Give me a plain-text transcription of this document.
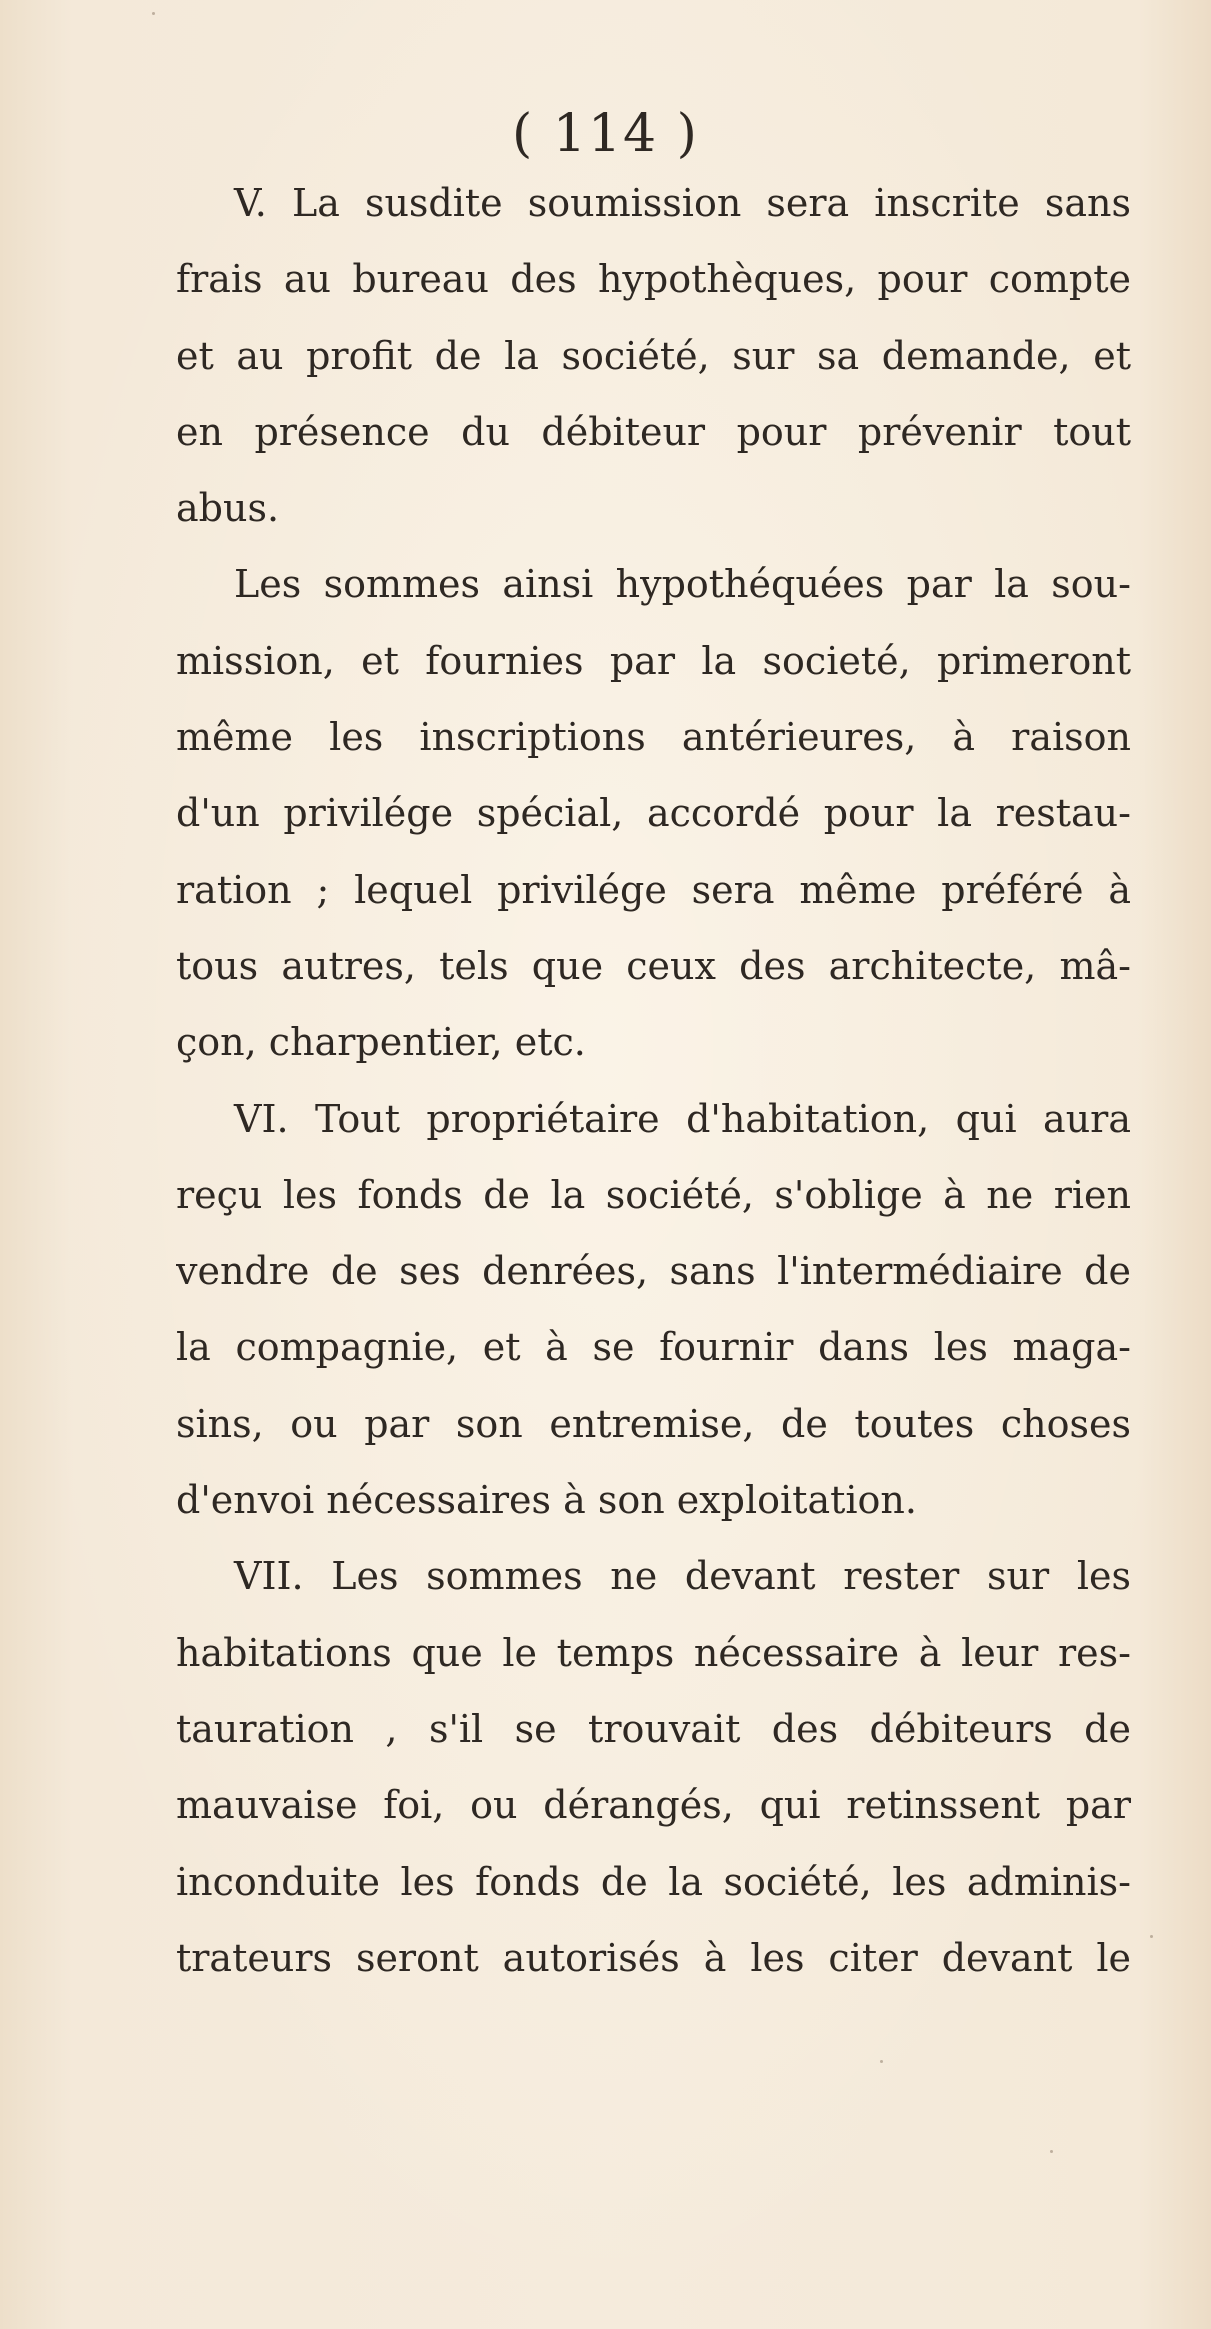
( 114 )
V. La susdite soumission sera inscrite sans
frais au bureau des hypothèques, pour compte
et au profit de la société, sur sa demande, et
en présence du débiteur pour prévenir tout
abus.
Les sommes ainsi hypothéquées par la sou-
mission, et fournies par la societé, primeront
même les inscriptions antérieures, à raison
d'un privilége spécial, accordé pour la restau-
ration ; lequel privilége sera même préféré à
tous autres, tels que ceux des architecte, mâ-
çon, charpentier, etc.
VI. Tout propriétaire d'habitation, qui aura
reçu les fonds de la société, s'oblige à ne rien
vendre de ses denrées, sans l'intermédiaire de
la compagnie, et à se fournir dans les maga-
sins, ou par son entremise, de toutes choses
d'envoi nécessaires à son exploitation.
VII. Les sommes ne devant rester sur les
habitations que le temps nécessaire à leur res-
tauration , s'il se trouvait des débiteurs de
mauvaise foi, ou dérangés, qui retinssent par
inconduite les fonds de la société, les adminis-
trateurs seront autorisés à les citer devant le
